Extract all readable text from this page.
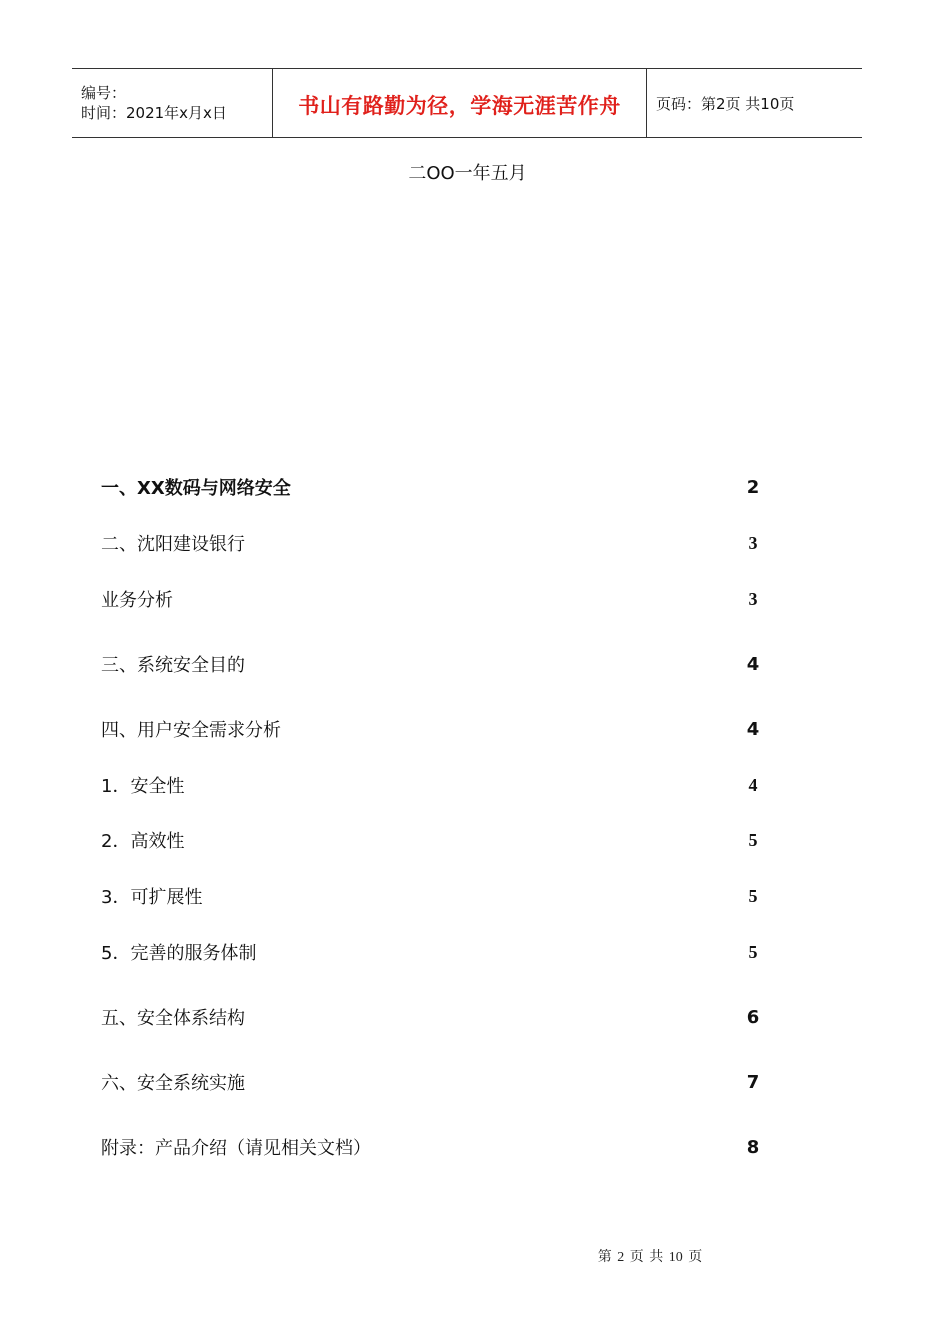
编号：
时间：2021年x月x日	书山有路勤为径，学海无涯苦作舟 页码：第2页 共10页
二OO一年五月
一、XX数码与网络安全	2
二、沈阳建设银行	3
业务分析	3
三、系统安全目的	4
四、用户安全需求分析	4
1．安全性	4
2．高效性	5
3．可扩展性	5
5．完善的服务体制	5
五、安全体系结构	6
六、安全系统实施	7
附录：产品介绍（请见相关文档）	8
第 2 页 共 10 页
